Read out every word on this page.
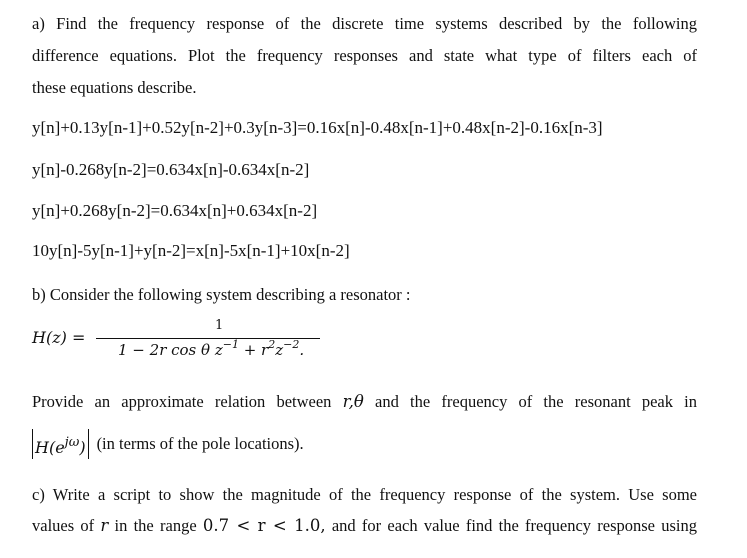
a) Find the frequency response of the discrete time systems described by the following
difference equations. Plot the frequency responses and state what type of filters each of
these equations describe.
y[n]+0.13y[n-1]+0.52y[n-2]+0.3y[n-3]=0.16x[n]-0.48x[n-1]+0.48x[n-2]-0.16x[n-3]
y[n]-0.268y[n-2]=0.634x[n]-0.634x[n-2]
y[n]+0.268y[n-2]=0.634x[n]+0.634x[n-2]
10y[n]-5y[n-1]+y[n-2]=x[n]-5x[n-1]+10x[n-2]
b) Consider the following system describing a resonator :
H(z) =
1
1 − 2r cos θ $z^{-1} + r^2z^{-2}$.
Provide an approximate relation between r,θ and the frequency of the resonant peak in
$H(e^{j\omega})$ (in terms of the pole locations).
c) Write a script to show the magnitude of the frequency response of the system. Use some
values of r in the range 0.7 < r < 1.0, and for each value find the frequency response using
